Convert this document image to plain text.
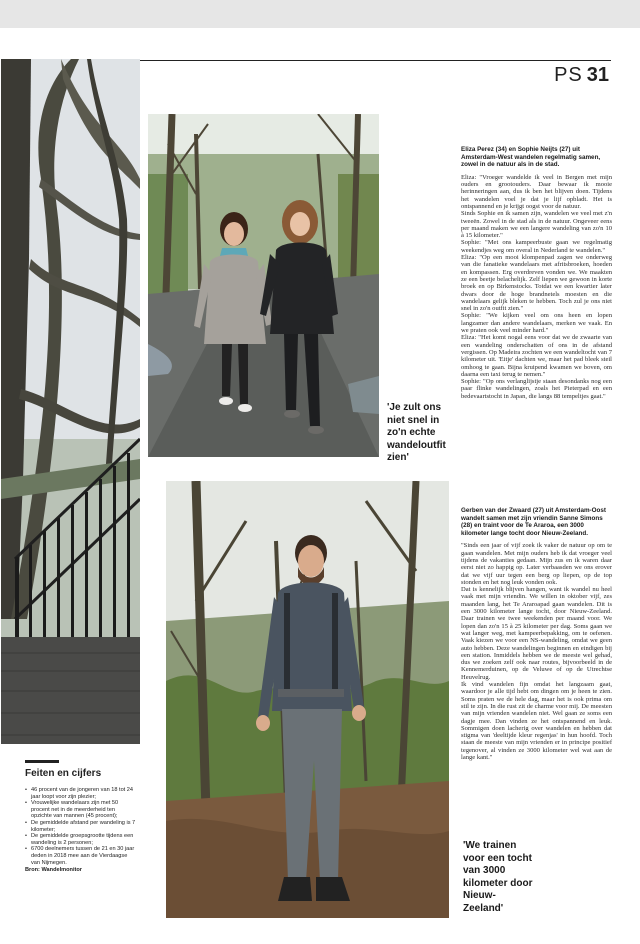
PS 31
'Je zult ons niet snel in zo'n echte wandeloutfit zien'

Eliza Perez (34) en Sophie Neijts (27) uit Amsterdam-West wandelen regelmatig samen, zowel in de natuur als in de stad.

Eliza: "Vroeger wandelde ik veel in Bergen met mijn ouders en grootouders. Daar bewaar ik mooie herinneringen aan, dus ik ben het blijven doen. Tijdens het wandelen voel je dat je lijf opbladt. Het is ontspannend en je krijgt oogst voor de natuur.

Sinds Sophie en ik samen zijn, wandelen we veel met z'n tweeën. Zowel in de stad als in de natuur. Ongeveer eens per maand maken we een langere wandeling van zo'n 10 à 15 kilometer."

Sophie: "Met ons kampeerbuste gaan we regelmatig weekendjes weg om overal in Nederland te wandelen."

Eliza: "Op een mooi klompenpad zagen we onderweg van die fanatieke wandelaars met afritsbroeken, hoeden en kompassen. Erg overdreven vonden we. We maakten ze een beetje belachelijk. Zelf liepen we gewoon in korte broek en op Birkenstocks. Totdat we een kwartier later dwars door de hoge brandnetels moesten en die wandelaars gelijk bleken te hebben. Toch zul je ons niet snel in zo'n outfit zien."

Sophie: "We kijken veel om ons heen en lopen langzamer dan andere wandelaars, merken we vaak. En we praten ook veel minder hard."

Eliza: "Het komt nogal eens voor dat we de zwaarte van een wandeling onderschatten of ons in de afstand vergissen. Op Madeira zochten we een wandeltocht van 7 kilometer uit. 'Eitje' dachten we, maar het pad bleek steil omhoog te gaan. Bijna kruipend kwamen we boven, om daarna een taxi terug te nemen."

Sophie: "Op ons verlanglijstje staan desondanks nog een paar flinke wandelingen, zoals het Pieterpad en een bedevaartstocht in Japan, die langs 88 tempeltjes gaat."

Gerben van der Zwaard (27) uit Amsterdam-Oost wandelt samen met zijn vriendin Sanne Simons (28) en traint voor de Te Araroa, een 3000 kilometer lange tocht door Nieuw-Zeeland.

"Sinds een jaar of vijf zoek ik vaker de natuur op om te gaan wandelen. Met mijn ouders heb ik dat vroeger veel tijdens de vakanties gedaan. Mijn zus en ik waren daar eerst niet zo happig op. Later verbaasden we ons erover dat we vijf uur tegen een berg op liepen, op de top stonden en het nog leuk vonden ook.

Dat is kennelijk blijven hangen, want ik wandel nu heel vaak met mijn vriendin. We willen in oktober vijf, zes maanden lang, het Te Araroapad gaan wandelen. Dit is een 3000 kilometer lange tocht, door Nieuw-Zeeland. Daar trainen we twee weekenden per maand voor. We lopen dan zo'n 15 à 25 kilometer per dag. Soms gaan we wat langer weg, met kampeerbepakking, om te oefenen. Vaak kiezen we voor een NS-wandeling, omdat we geen auto hebben. Deze wandelingen beginnen en eindigen bij een station. Inmiddels hebben we de meeste wel gehad, dus we zoeken zelf ook naar routes, bijvoorbeeld in de Kennemerduinen, op de Veluwe of op de Utrechtse Heuvelrug.

Ik vind wandelen fijn omdat het langzaam gaat, waardoor je alle tijd hebt om dingen om je heen te zien. Soms praten we de hele dag, maar het is ook prima om stil te zijn. In die rust zit de charme voor mij. De meesten van mijn vrienden wandelen niet. Wel gaan ze soms een dagje mee. Dan vinden ze het ontspannend en leuk. Sommigen doen lacherig over wandelen en hebben dat stigma van 'deeltijde kleur regenjas' in hun hoofd. Toch staan de meeste van mijn vrienden er in principe positief tegenover, al vinden ze 3000 kilometer wel wat aan de lange kant."

'We trainen voor een tocht van 3000 kilometer door Nieuw-Zeeland'
Feiten en cijfers
• 46 procent van de jongeren van 18 tot 24 jaar loopt voor zijn plezier;
• Vrouwelijke wandelaars zijn met 50 procent net in de meerderheid ten opzichte van mannen (45 procent);
• De gemiddelde afstand per wandeling is 7 kilometer;
• De gemiddelde groepsgrootte tijdens een wandeling is 2 personen;
• 6700 deelnemers tussen de 21 en 30 jaar deden in 2018 mee aan de Vierdaagse van Nijmegen.
Bron: Wandelmonitor
